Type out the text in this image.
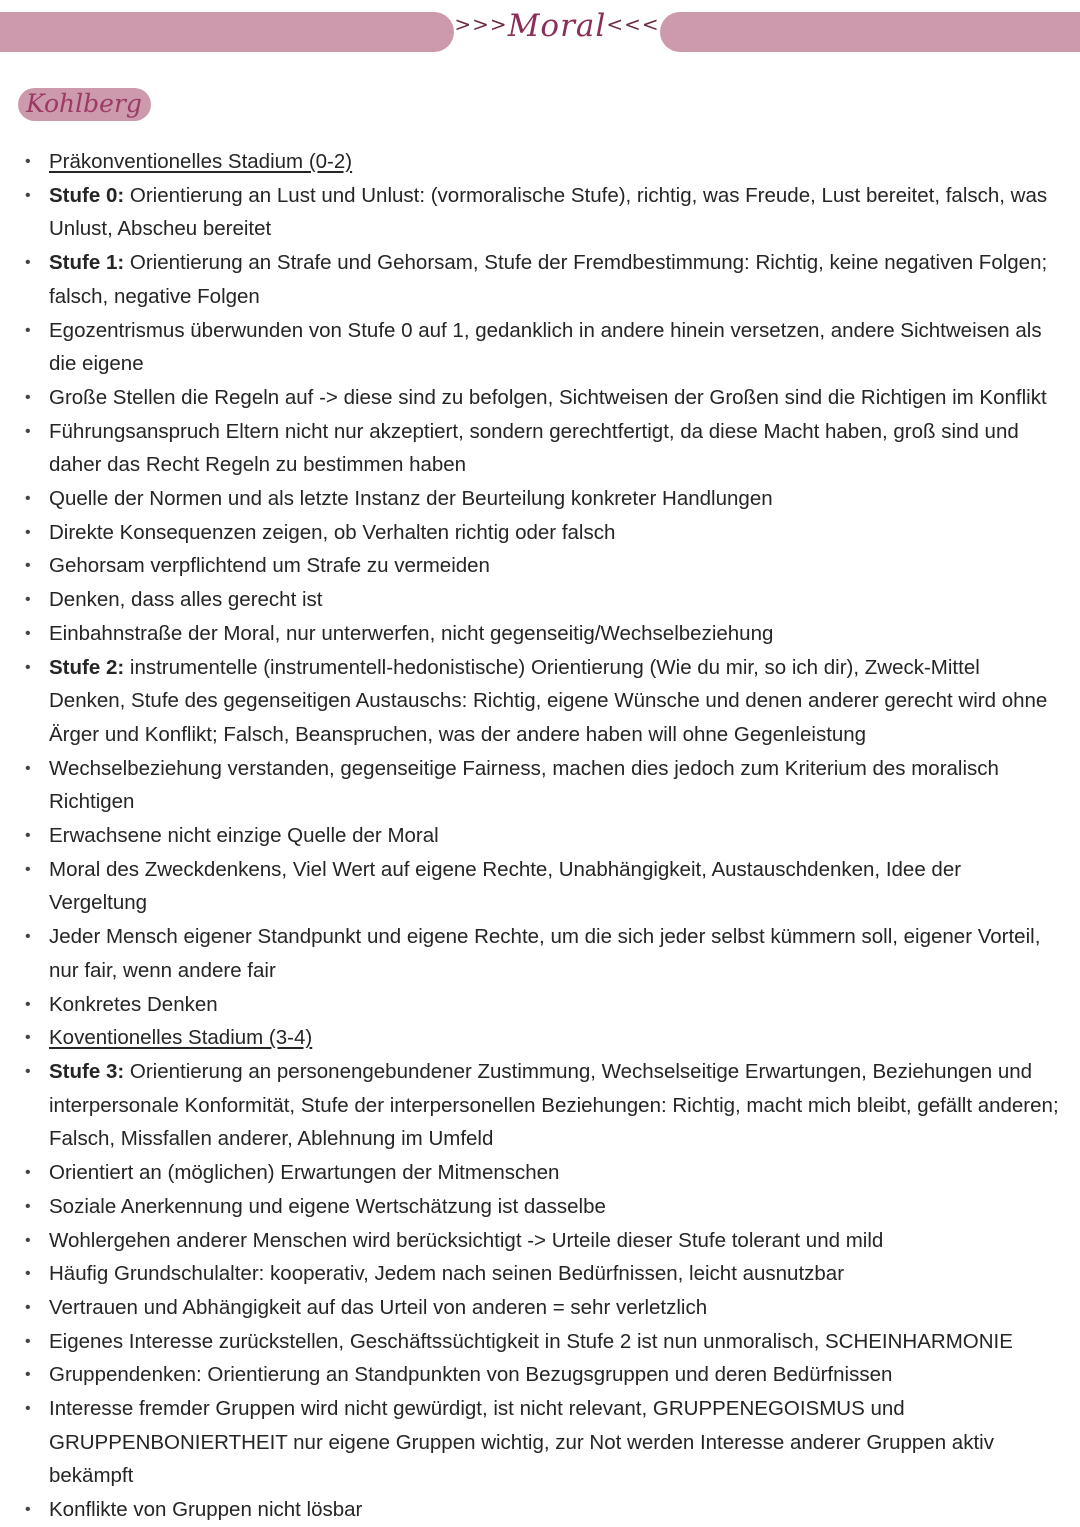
>>>Moral<<<
Kohlberg
• Präkonventionelles Stadium (0-2)
• Stufe 0: Orientierung an Lust und Unlust: (vormoralische Stufe), richtig, was Freude, Lust bereitet, falsch, was Unlust, Abscheu bereitet
• Stufe 1: Orientierung an Strafe und Gehorsam, Stufe der Fremdbestimmung: Richtig, keine negativen Folgen; falsch, negative Folgen
• Egozentrismus überwunden von Stufe 0 auf 1, gedanklich in andere hinein versetzen, andere Sichtweisen als die eigene
• Große Stellen die Regeln auf -> diese sind zu befolgen, Sichtweisen der Großen sind die Richtigen im Konflikt
• Führungsanspruch Eltern nicht nur akzeptiert, sondern gerechtfertigt, da diese Macht haben, groß sind und daher das Recht Regeln zu bestimmen haben
• Quelle der Normen und als letzte Instanz der Beurteilung konkreter Handlungen
• Direkte Konsequenzen zeigen, ob Verhalten richtig oder falsch
• Gehorsam verpflichtend um Strafe zu vermeiden
• Denken, dass alles gerecht ist
• Einbahnstraße der Moral, nur unterwerfen, nicht gegenseitig/Wechselbeziehung
• Stufe 2: instrumentelle (instrumentell-hedonistische) Orientierung (Wie du mir, so ich dir), Zweck-Mittel Denken, Stufe des gegenseitigen Austauschs: Richtig, eigene Wünsche und denen anderer gerecht wird ohne Ärger und Konflikt; Falsch, Beanspruchen, was der andere haben will ohne Gegenleistung
• Wechselbeziehung verstanden, gegenseitige Fairness, machen dies jedoch zum Kriterium des moralisch Richtigen
• Erwachsene nicht einzige Quelle der Moral
• Moral des Zweckdenkens, Viel Wert auf eigene Rechte, Unabhängigkeit, Austauschdenken, Idee der Vergeltung
• Jeder Mensch eigener Standpunkt und eigene Rechte, um die sich jeder selbst kümmern soll, eigener Vorteil, nur fair, wenn andere fair
• Konkretes Denken
• Koventionelles Stadium (3-4)
• Stufe 3: Orientierung an personengebundener Zustimmung, Wechselseitige Erwartungen, Beziehungen und interpersonale Konformität, Stufe der interpersonellen Beziehungen: Richtig, macht mich bleibt, gefällt anderen; Falsch, Missfallen anderer, Ablehnung im Umfeld
• Orientiert an (möglichen) Erwartungen der Mitmenschen
• Soziale Anerkennung und eigene Wertschätzung ist dasselbe
• Wohlergehen anderer Menschen wird berücksichtigt -> Urteile dieser Stufe tolerant und mild
• Häufig Grundschulalter: kooperativ, Jedem nach seinen Bedürfnissen, leicht ausnutzbar
• Vertrauen und Abhängigkeit auf das Urteil von anderen = sehr verletzlich
• Eigenes Interesse zurückstellen, Geschäftssüchtigkeit in Stufe 2 ist nun unmoralisch, SCHEINHARMONIE
• Gruppendenken: Orientierung an Standpunkten von Bezugsgruppen und deren Bedürfnissen
• Interesse fremder Gruppen wird nicht gewürdigt, ist nicht relevant, GRUPPENEGOISMUS und GRUPPENBONIERTHEIT nur eigene Gruppen wichtig, zur Not werden Interesse anderer Gruppen aktiv bekämpft
• Konflikte von Gruppen nicht lösbar
